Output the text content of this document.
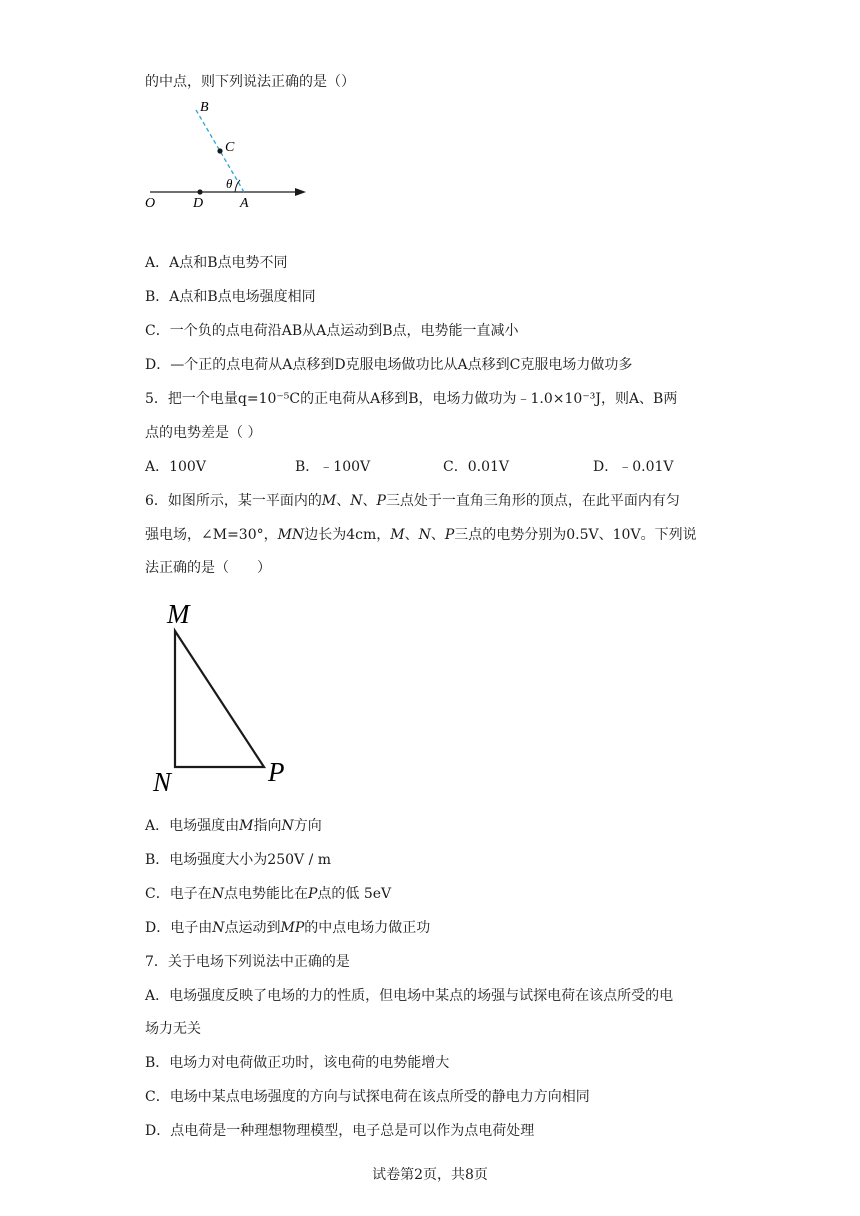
的中点，则下列说法正确的是（）
B
C
θ
O	D	A
A．A点和B点电势不同
B．A点和B点电场强度相同
C．一个负的点电荷沿AB从A点运动到B点，电势能一直减小
D．—个正的点电荷从A点移到D克服电场做功比从A点移到C克服电场力做功多
5．把一个电量q=10⁻⁵C的正电荷从A移到B，电场力做功为﹣1.0×10⁻³J，则A、B两
点的电势差是（ ）
A．100V	B．﹣100V	C．0.01V	D．﹣0.01V
6．如图所示，某一平面内的M、N、P三点处于一直角三角形的顶点，在此平面内有匀
强电场，∠M=30°，MN边长为4cm，M、N、P三点的电势分别为0.5V、10V。下列说
法正确的是（　　）
M
N	P
A．电场强度由M指向N方向
B．电场强度大小为250V / m
C．电子在N点电势能比在P点的低 5eV
D．电子由N点运动到MP的中点电场力做正功
7．关于电场下列说法中正确的是
A．电场强度反映了电场的力的性质，但电场中某点的场强与试探电荷在该点所受的电
场力无关
B．电场力对电荷做正功时，该电荷的电势能增大
C．电场中某点电场强度的方向与试探电荷在该点所受的静电力方向相同
D．点电荷是一种理想物理模型，电子总是可以作为点电荷处理
试卷第2页，共8页
